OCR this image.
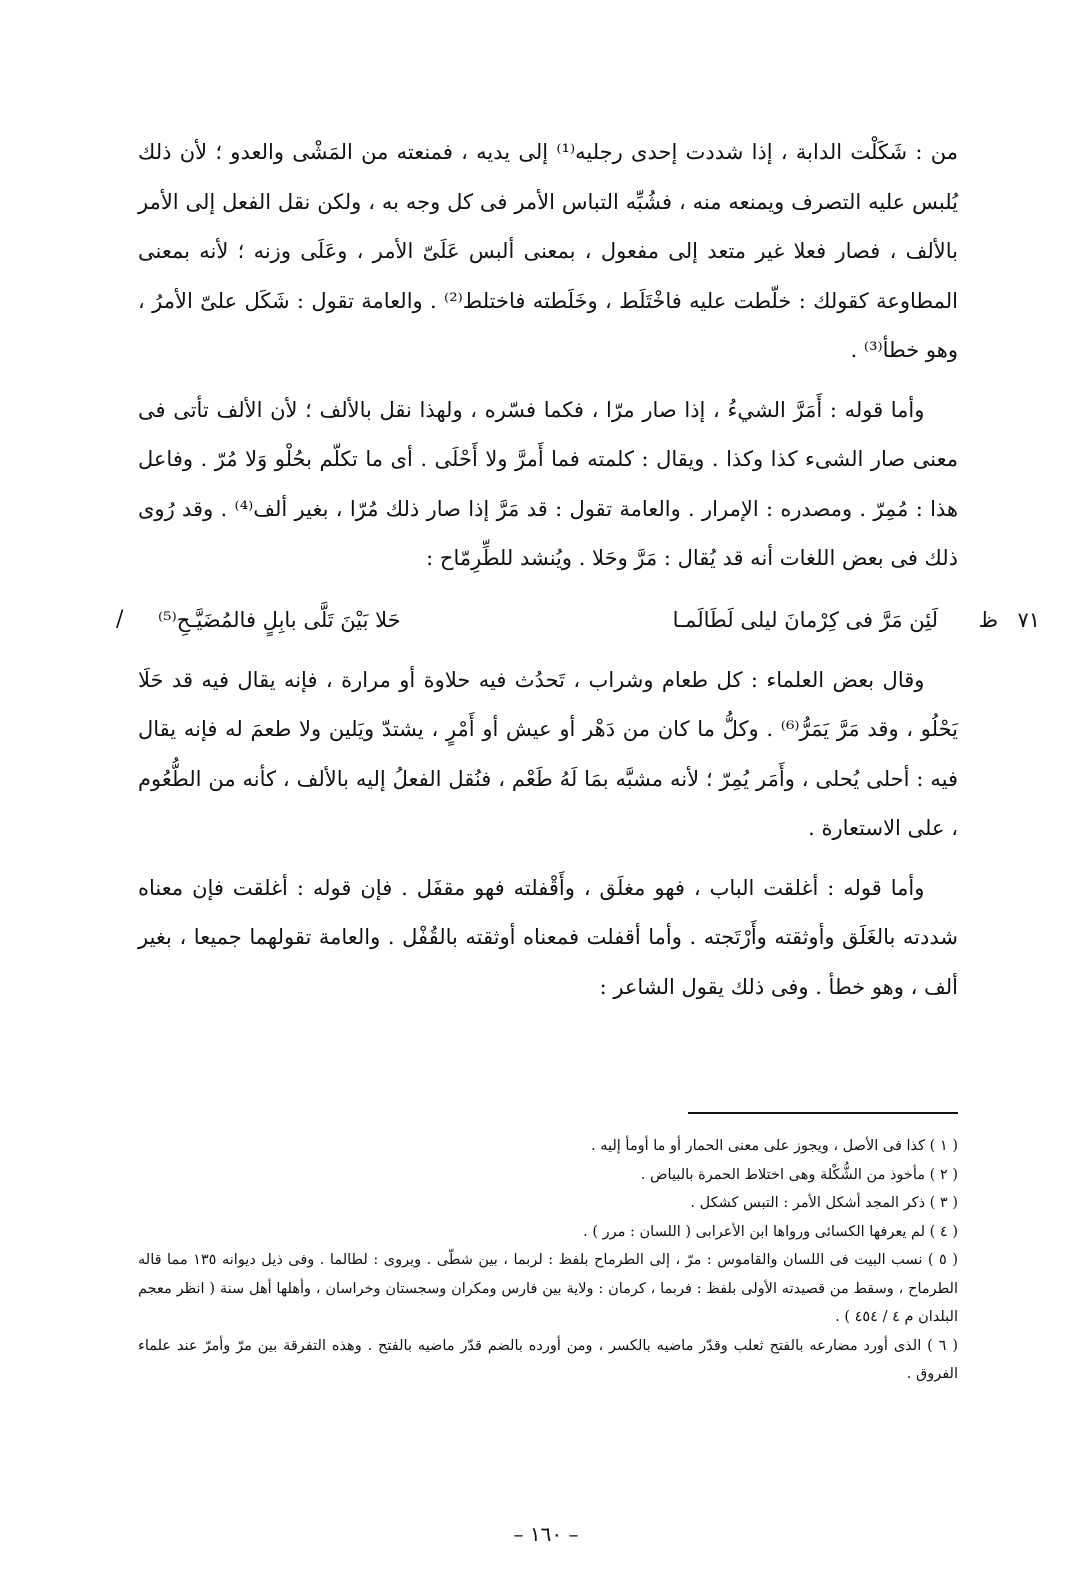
من : شَكَلْت الدابة ، إذا شددت إحدى رجليه⁽¹⁾ إلى يديه ، فمنعته من المَشْى والعدو ؛ لأن ذلك يُلبس عليه التصرف ويمنعه منه ، فشُبِّه التباس الأمر فى كل وجه به ، ولكن نقل الفعل إلى الأمر بالألف ، فصار فعلا غير متعد إلى مفعول ، بمعنى ألبس عَلَىّ الأمر ، وعَلَى وزنه ؛ لأنه بمعنى المطاوعة كقولك : خلّطت عليه فاخْتَلَط ، وخَلَطته فاختلط⁽²⁾ . والعامة تقول : شَكَل علىّ الأمرُ ، وهو خطأ⁽³⁾ .

وأما قوله : أَمَرَّ الشيءُ ، إذا صار مرّا ، فكما فسّره ، ولهذا نقل بالألف ؛ لأن الألف تأتى فى معنى صار الشىء كذا وكذا . ويقال : كلمته فما أَمرَّ ولا أَحْلَى . أى ما تكلّم بحُلْو وَلا مُرّ . وفاعل هذا : مُمِرّ . ومصدره : الإمرار . والعامة تقول : قد مَرَّ إذا صار ذلك مُرّا ، بغير ألف⁽⁴⁾ . وقد رُوى ذلك فى بعض اللغات أنه قد يُقال : مَرَّ وحَلا . ويُنشد للطِّرِمّاح :

٧١
ظ
لَئِن مَرَّ فى كِرْمانَ ليلى لَطَالَمـا
حَلا بَيْنَ تَلَّى بابِلٍ فالمُضَيَّـحِ⁽⁵⁾
/

وقال بعض العلماء : كل طعام وشراب ، تَحدُث فيه حلاوة أو مرارة ، فإنه يقال فيه قد حَلَا يَحْلُو ، وقد مَرَّ يَمَرُّ⁽⁶⁾ . وكلُّ ما كان من دَهْر أو عيش أو أَمْرٍ ، يشتدّ ويَلين ولا طعمَ له فإنه يقال فيه : أحلى يُحلى ، وأَمَر يُمِرّ ؛ لأنه مشبَّه بمَا لَهُ طَعْم ، فنُقل الفعلُ إليه بالألف ، كأنه من الطُّعُوم ، على الاستعارة .

وأما قوله : أغلقت الباب ، فهو مغلَق ، وأَقْفلته فهو مقفَل . فإن قوله : أغلقت فإن معناه شددته بالغَلَق وأوثقته وأَرْتَجته . وأما أقفلت فمعناه أوثقته بالقُفْل . والعامة تقولهما جميعا ، بغير ألف ، وهو خطأ . وفى ذلك يقول الشاعر :

( ١ ) كذا فى الأصل ، ويجوز على معنى الحمار أو ما أومأ إليه .

( ٢ ) مأخوذ من الشُّكْلة وهى اختلاط الحمرة بالبياض .

( ٣ ) ذكر المجد أشكل الأمر : التبس كشكل .

( ٤ ) لم يعرفها الكسائى ورواها ابن الأعرابى ( اللسان : مرر ) .

( ٥ ) نسب البيت فى اللسان والقاموس : مرّ ، إلى الطرماح بلفظ : لربما ، بين شطّى . ويروى : لطالما . وفى ذيل ديوانه ١٣٥ مما قاله الطرماح ، وسقط من قصيدته الأولى بلفظ : فربما ، كرمان : ولاية بين فارس ومكران وسجستان وخراسان ، وأهلها أهل سنة ( انظر معجم البلدان م ٤ / ٤٥٤ ) .

( ٦ ) الذى أورد مضارعه بالفتح ثعلب وقدّر ماضيه بالكسر ، ومن أورده بالضم قدّر ماضيه بالفتح . وهذه التفرقة بين مرّ وأمرّ عند علماء الفروق .

– ١٦٠ –
